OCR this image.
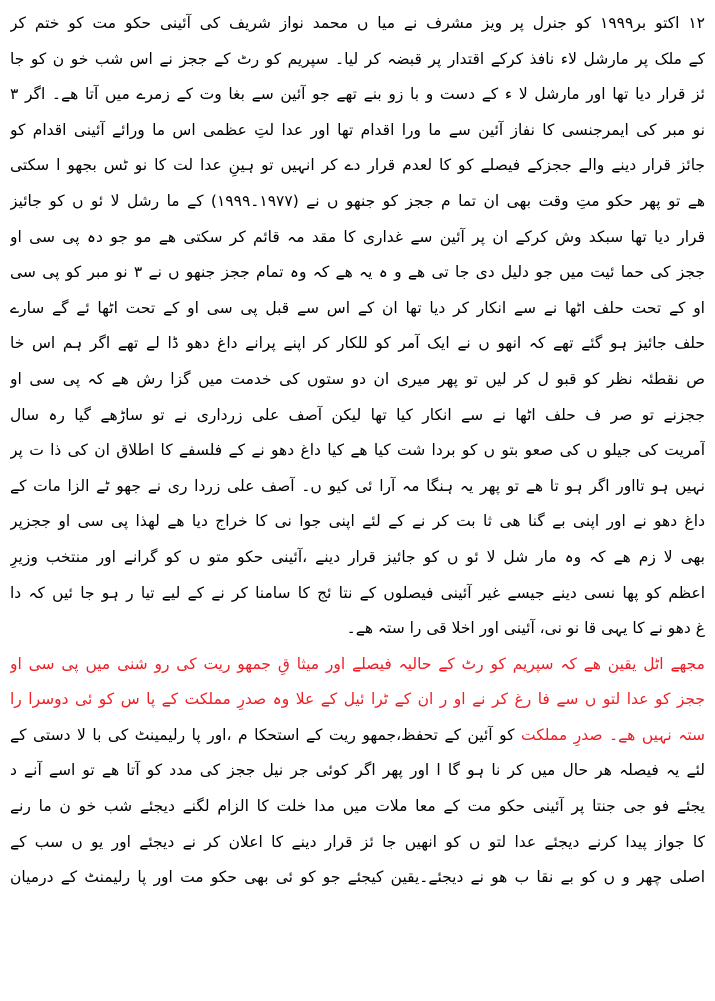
۱۲ اکتو بر۱۹۹۹ کو جنرل پر ویز مشرف نے میا ں محمد نواز شریف کی آئینی حکو مت کو ختم کر
کے ملک پر مارشل لاء نافذ کرکے اقتدار پر قبضہ کر لیا۔ سپریم کو رٹ کے ججز نے اس شب خو ن کو جا
ئز قرار دیا تھا اور مارشل لا ء کے دست و با زو بنے تھے جو آئین سے بغا وت کے زمرے میں آتا ھے۔ اگر ۳
نو مبر کی ایمرجنسی کا نفاز آئین سے ما ورا اقدام تھا اور عدا لتِ عظمی اس ما ورائے آئینی اقدام کو
جائز قرار دینے والے ججزکے فیصلے کو کا لعدم قرار دے کر انہیں تو ہینِ عدا لت کا نو ٹس بجھو ا سکتی
ھے تو پھر حکو متِ وقت بھی ان تما م ججز کو جنھو ں نے (۱۹۷۷۔۱۹۹۹) کے ما رشل لا ئو ں کو جائیز
قرار دیا تھا سبکد وش کرکے ان پر آئین سے غداری کا مقد مہ قائم کر سکتی ھے مو جو دہ پی سی او
ججز کی حما ئیت میں جو دلیل دی جا تی ھے و ہ یہ ھے کہ وہ تمام ججز جنھو ں نے ۳ نو مبر کو پی سی
او کے تحت حلف اٹھا نے سے انکار کر دیا تھا ان کے اس سے قبل پی سی او کے تحت اٹھا ئے گے سارے
حلف جائیز ہو گئے تھے کہ انھو ں نے ایک آمر کو للکار کر اپنے پرانے داغ دھو ڈا لے تھے اگر ہم اس خا
ص نقطئہ نظر کو قبو ل کر لیں تو پھر میری ان دو ستوں کی خدمت میں گزا رش ھے کہ پی سی او
ججزنے تو صر ف حلف اٹھا نے سے انکار کیا تھا لیکن آصف علی زرداری نے تو ساڑھے گیا رہ سال
آمریت کی جیلو ں کی صعو بتو ں کو بردا شت کیا ھے کیا داغ دھو نے کے فلسفے کا اطلاق ان کی ذا ت پر
نہیں ہو تااور اگر ہو تا ھے تو پھر یہ ہنگا مہ آرا ئی کیو ں۔ آصف علی زردا ری نے جھو ٹے الزا مات کے
داغ دھو نے اور اپنی بے گنا ھی ثا بت کر نے کے لئے اپنی جوا نی کا خراج دیا ھے لھذا پی سی او ججزپر
بھی لا زم ھے کہ وہ مار شل لا ئو ں کو جائیز قرار دینے ،آئینی حکو متو ں کو گرانے اور منتخب وزیرِ
اعظم کو پھا نسی دینے جیسے غیر آئینی فیصلوں کے نتا ئج کا سامنا کر نے کے لیے تیا ر ہو جا ئیں کہ دا
غ دھو نے کا یہی قا نو نی، آئینی اور اخلا قی را ستہ ھے۔
مجھے اٹل یقین ھے کہ سپریم کو رٹ کے حالیہ فیصلے اور میثا قِ جمھو ریت کی رو شنی میں پی سی او
ججز کو عدا لتو ں سے فا رغ کر نے او ر ان کے ٹرا ئیل کے علا وہ صدرِ مملکت کے پا س کو ئی دوسرا را
ستہ نہیں ھے۔ صدرِ مملکت کو آئین کے تحفظ،جمھو ریت کے استحکا م ،اور پا رلیمینٹ کی با لا دستی کے
لئے یہ فیصلہ ھر حال میں کر نا ہو گا ا اور پھر اگر کوئی جر نیل ججز کی مدد کو آتا ھے تو اسے آنے د
یجئے فو جی جنتا پر آئینی حکو مت کے معا ملات میں مدا خلت کا الزام لگنے دیجئے شب خو ن ما رنے
کا جواز پیدا کرنے دیجئے عدا لتو ں کو انھیں جا ئز قرار دینے کا اعلان کر نے دیجئے اور یو ں سب کے
اصلی چھر و ں کو بے نقا ب ھو نے دیجئے۔یقین کیجئے جو کو ئی بھی حکو مت اور پا رلیمنٹ کے درمیان
